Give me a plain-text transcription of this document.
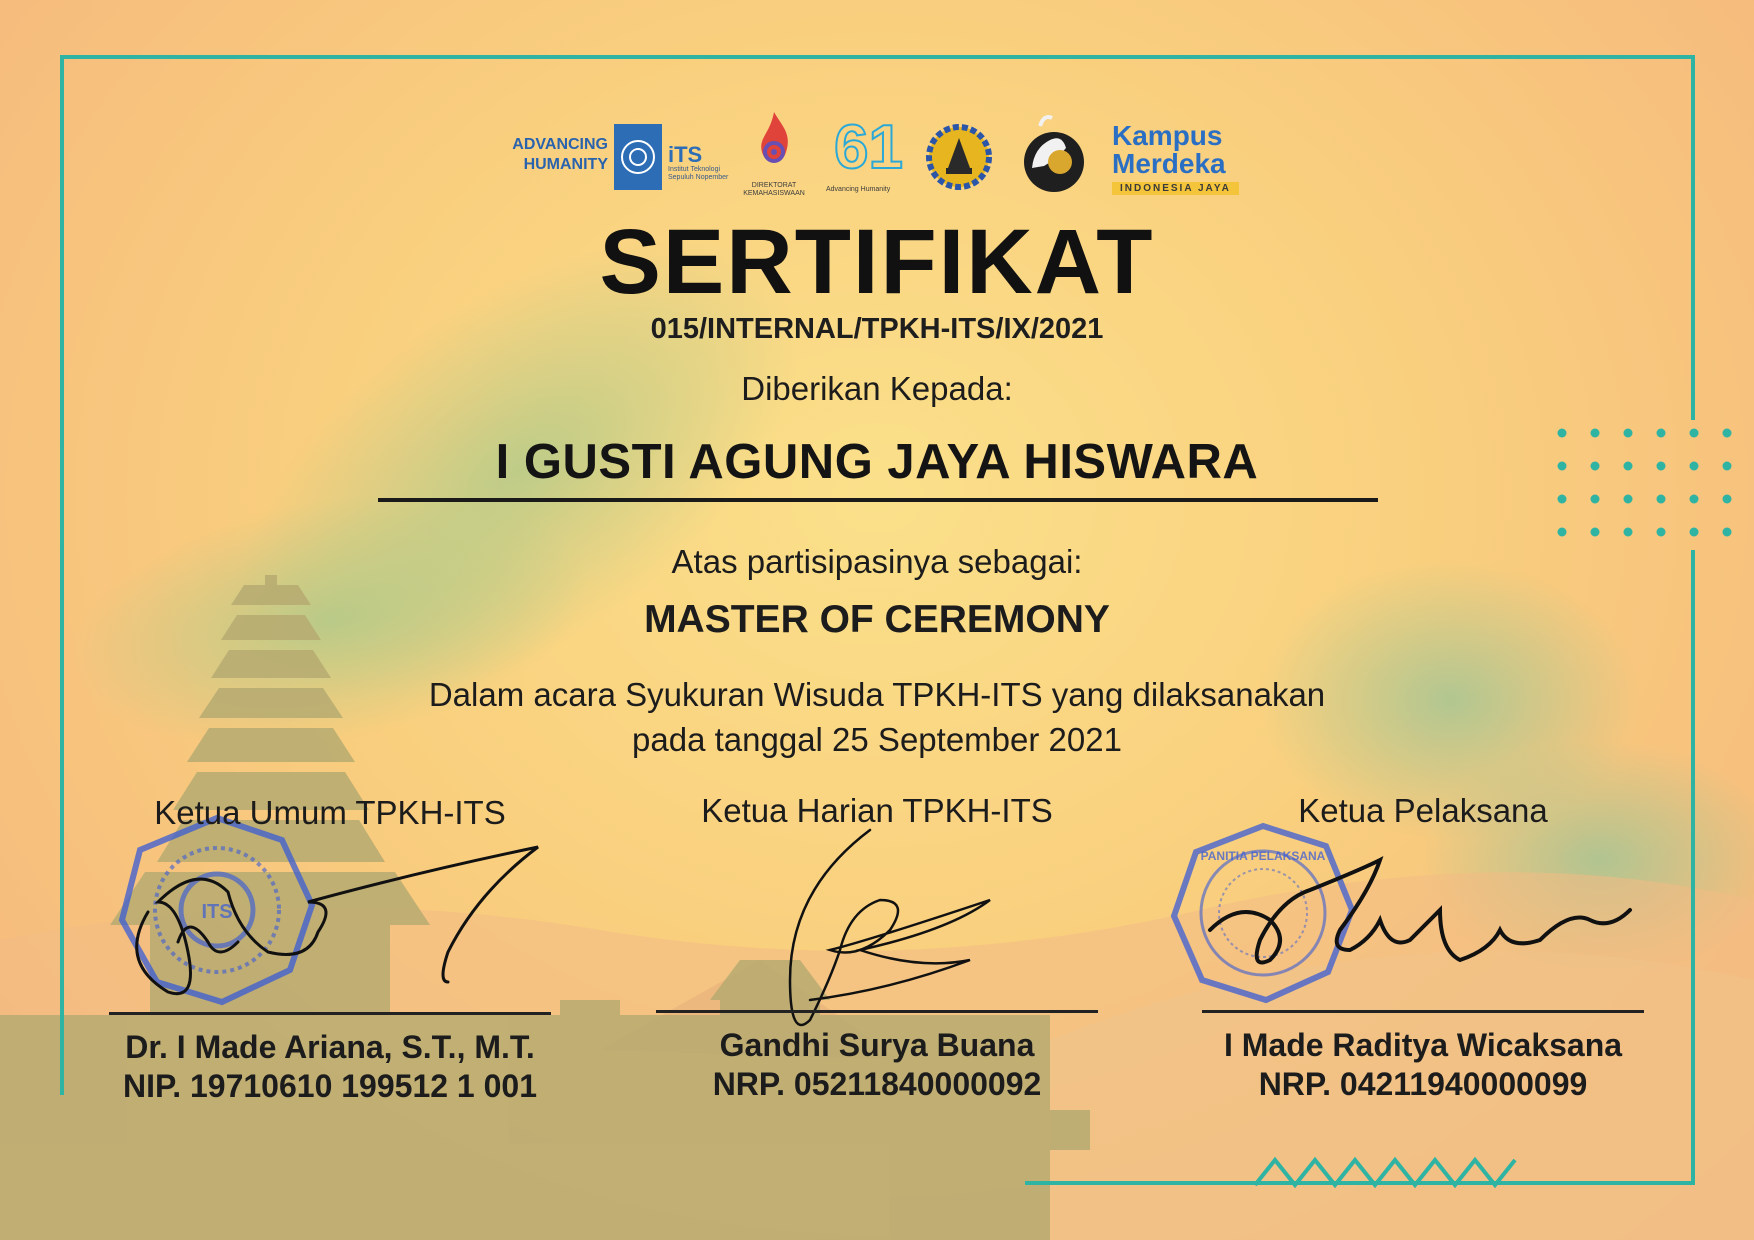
ADVANCING
HUMANITY	iTS
Institut Teknologi Sepuluh Nopember
DIREKTORAT KEMAHASISWAAN
61
Advancing Humanity
Kampus
Merdeka
INDONESIA JAYA
SERTIFIKAT
015/INTERNAL/TPKH-ITS/IX/2021
Diberikan Kepada:
I GUSTI AGUNG JAYA HISWARA
Atas partisipasinya sebagai:
MASTER OF CEREMONY
Dalam acara Syukuran Wisuda TPKH-ITS yang dilaksanakan
pada tanggal 25 September 2021
ITS
PANITIA PELAKSANA
Ketua Umum TPKH-ITS
Dr. I Made Ariana, S.T., M.T.
NIP. 19710610 199512 1 001
Ketua Harian TPKH-ITS
Gandhi Surya Buana
NRP. 05211840000092
Ketua Pelaksana
I Made Raditya Wicaksana
NRP. 04211940000099
